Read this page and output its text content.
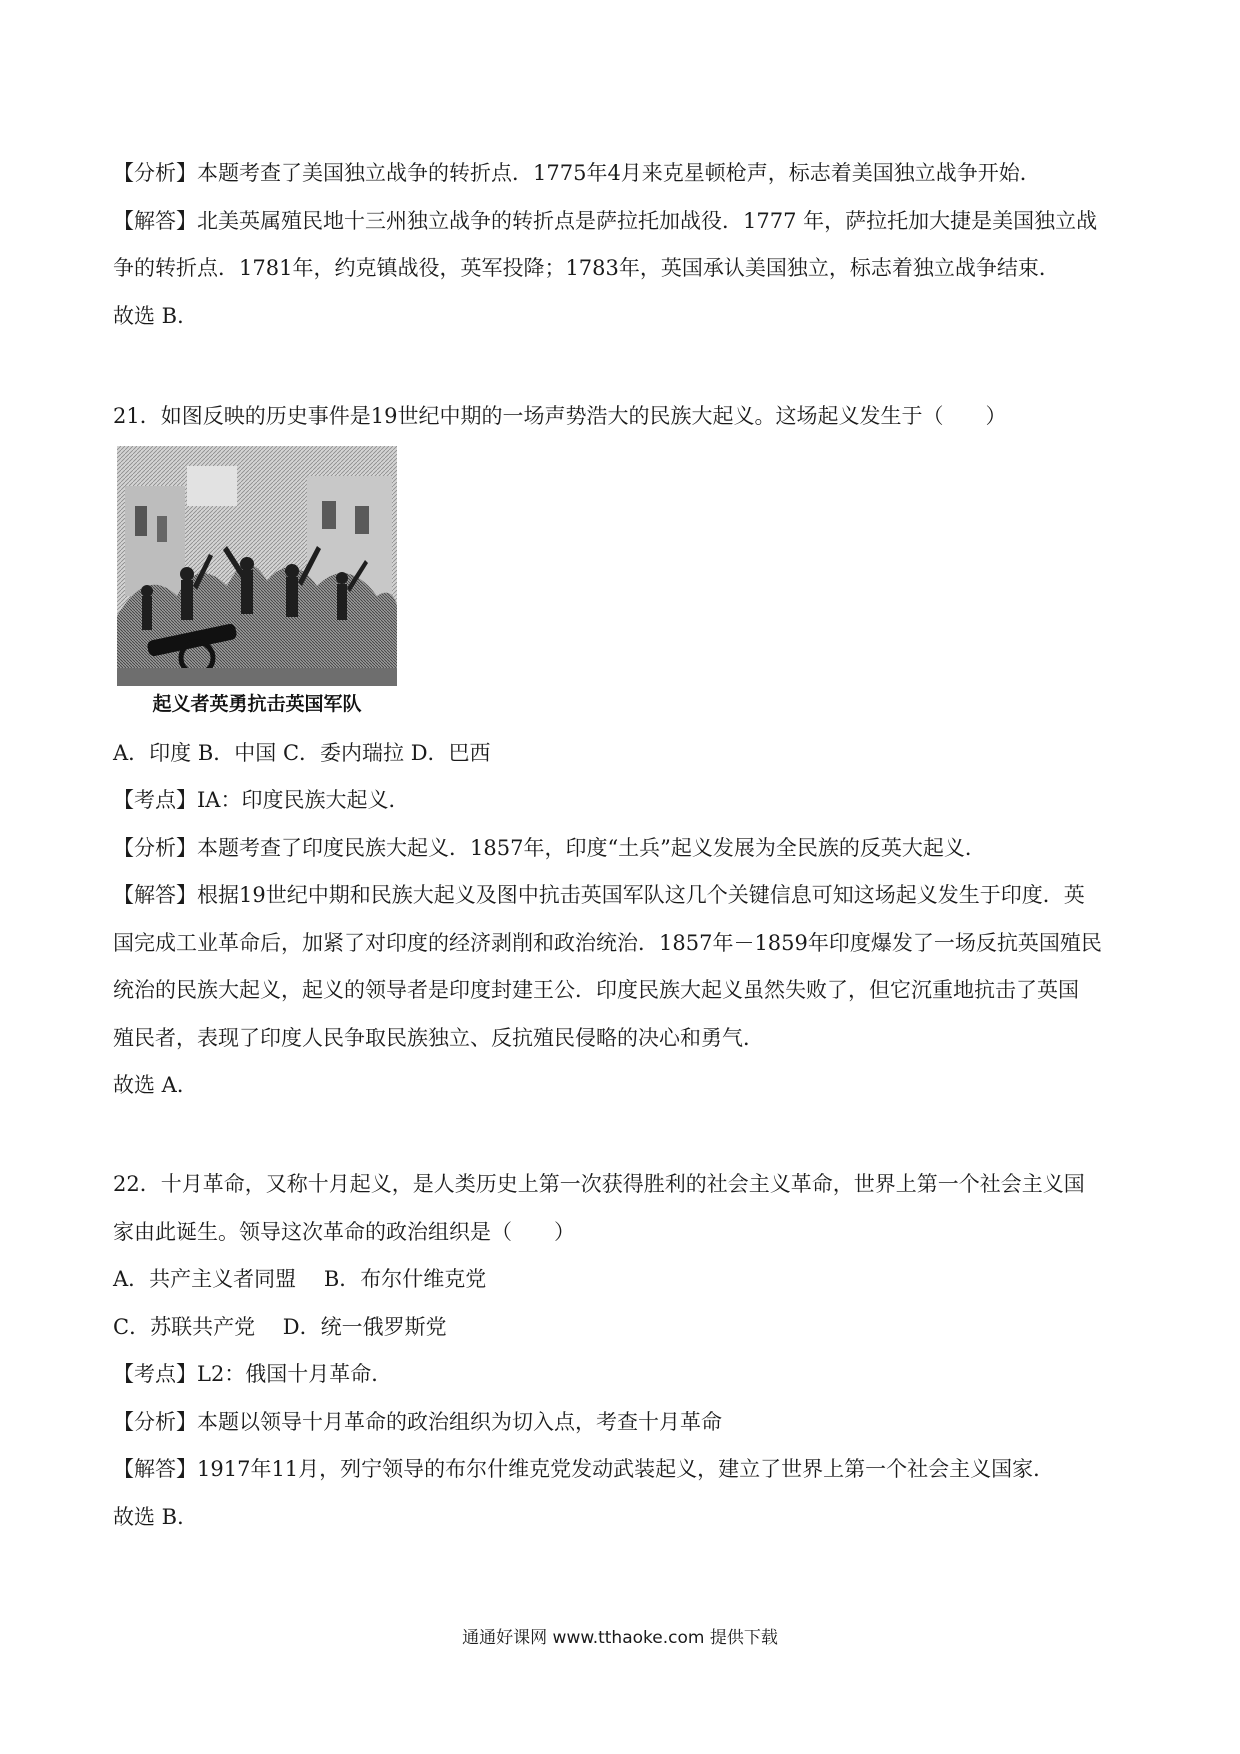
【分析】本题考查了美国独立战争的转折点．1775年4月来克星顿枪声，标志着美国独立战争开始．
【解答】北美英属殖民地十三州独立战争的转折点是萨拉托加战役．1777 年，萨拉托加大捷是美国独立战
争的转折点．1781年，约克镇战役，英军投降；1783年，英国承认美国独立，标志着独立战争结束．
故选 B．
21．如图反映的历史事件是19世纪中期的一场声势浩大的民族大起义。这场起义发生于（　　）
起义者英勇抗击英国军队
A．印度 B．中国 C．委内瑞拉 D．巴西
【考点】IA：印度民族大起义．
【分析】本题考查了印度民族大起义．1857年，印度“土兵”起义发展为全民族的反英大起义．
【解答】根据19世纪中期和民族大起义及图中抗击英国军队这几个关键信息可知这场起义发生于印度．英
国完成工业革命后，加紧了对印度的经济剥削和政治统治．1857年－1859年印度爆发了一场反抗英国殖民
统治的民族大起义，起义的领导者是印度封建王公．印度民族大起义虽然失败了，但它沉重地抗击了英国
殖民者，表现了印度人民争取民族独立、反抗殖民侵略的决心和勇气．
故选 A．
22．十月革命，又称十月起义，是人类历史上第一次获得胜利的社会主义革命，世界上第一个社会主义国
家由此诞生。领导这次革命的政治组织是（　　）
A．共产主义者同盟　 B．布尔什维克党
C．苏联共产党　 D．统一俄罗斯党
【考点】L2：俄国十月革命．
【分析】本题以领导十月革命的政治组织为切入点，考查十月革命
【解答】1917年11月，列宁领导的布尔什维克党发动武装起义，建立了世界上第一个社会主义国家．
故选 B．
通通好课网 www.tthaoke.com 提供下载
